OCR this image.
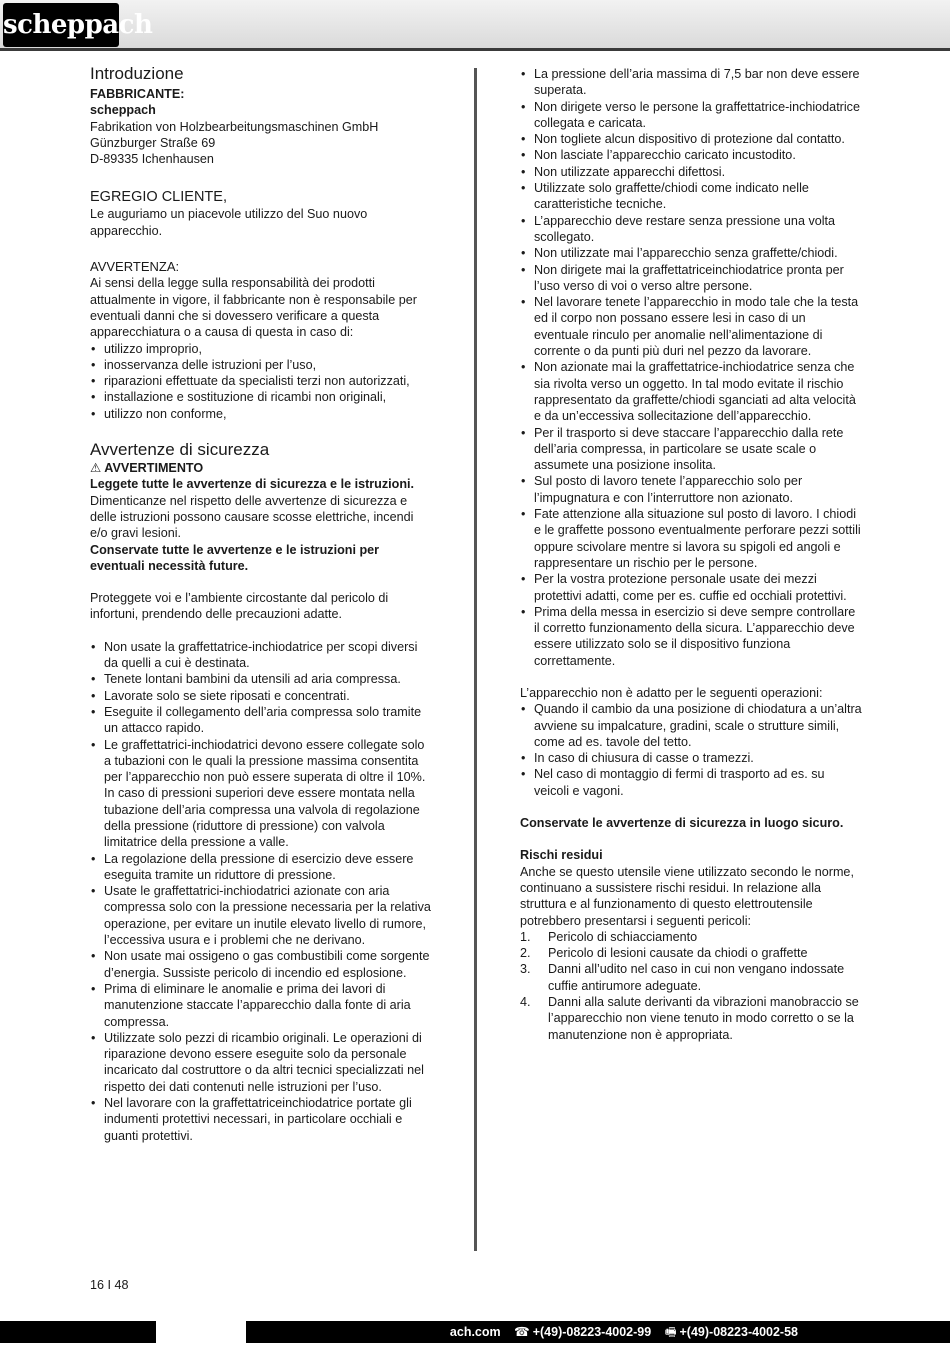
scheppach
Introduzione

FABBRICANTE:

scheppach

Fabrikation von Holzbearbeitungsmaschinen GmbH

Günzburger Straße 69

D-89335 Ichenhausen

EGREGIO CLIENTE,

Le auguriamo un piacevole utilizzo del Suo nuovo apparecchio.

AVVERTENZA:

Ai sensi della legge sulla responsabilità dei prodotti attualmente in vigore, il fabbricante non è responsabile per eventuali danni che si dovessero verificare a questa apparecchiatura o a causa di questa in caso di:

• utilizzo improprio,
• inosservanza delle istruzioni per l’uso,
• riparazioni effettuate da specialisti terzi non autorizzati,
• installazione e sostituzione di ricambi non originali,
• utilizzo non conforme,
Avvertenze di sicurezza

⚠ AVVERTIMENTO

Leggete tutte le avvertenze di sicurezza e le istruzioni. Dimenticanze nel rispetto delle avvertenze di sicurezza e delle istruzioni possono causare scosse elettriche, incendi e/o gravi lesioni.

Conservate tutte le avvertenze e le istruzioni per eventuali necessità future.

Proteggete voi e l’ambiente circostante dal pericolo di infortuni, prendendo delle precauzioni adatte.

• Non usate la graffettatrice-inchiodatrice per scopi diversi da quelli a cui è destinata.
• Tenete lontani bambini da utensili ad aria compressa.
• Lavorate solo se siete riposati e concentrati.
• Eseguite il collegamento dell’aria compressa solo tramite un attacco rapido.
• Le graffettatrici-inchiodatrici devono essere collegate solo a tubazioni con le quali la pressione massima consentita per l’apparecchio non può essere superata di oltre il 10%. In caso di pressioni superiori deve essere montata nella tubazione dell’aria compressa una valvola di regolazione della pressione (riduttore di pressione) con valvola limitatrice della pressione a valle.
• La regolazione della pressione di esercizio deve essere eseguita tramite un riduttore di pressione.
• Usate le graffettatrici-inchiodatrici azionate con aria compressa solo con la pressione necessaria per la relativa operazione, per evitare un inutile elevato livello di rumore, l’eccessiva usura e i problemi che ne derivano.
• Non usate mai ossigeno o gas combustibili come sorgente d’energia. Sussiste pericolo di incendio ed esplosione.
• Prima di eliminare le anomalie e prima dei lavori di manutenzione staccate l’apparecchio dalla fonte di aria compressa.
• Utilizzate solo pezzi di ricambio originali. Le operazioni di riparazione devono essere eseguite solo da personale incaricato dal costruttore o da altri tecnici specializzati nel rispetto dei dati contenuti nelle istruzioni per l’uso.
• Nel lavorare con la graffettatriceinchiodatrice portate gli indumenti protettivi necessari, in particolare occhiali e guanti protettivi.
• La pressione dell’aria massima di 7,5 bar non deve essere superata.
• Non dirigete verso le persone la graffettatrice-inchiodatrice collegata e caricata.
• Non togliete alcun dispositivo di protezione dal contatto.
• Non lasciate l’apparecchio caricato incustodito.
• Non utilizzate apparecchi difettosi.
• Utilizzate solo graffette/chiodi come indicato nelle caratteristiche tecniche.
• L’apparecchio deve restare senza pressione una volta scollegato.
• Non utilizzate mai l’apparecchio senza graffette/chiodi.
• Non dirigete mai la graffettatriceinchiodatrice pronta per l’uso verso di voi o verso altre persone.
• Nel lavorare tenete l’apparecchio in modo tale che la testa ed il corpo non possano essere lesi in caso di un eventuale rinculo per anomalie nell’alimentazione di corrente o da punti più duri nel pezzo da lavorare.
• Non azionate mai la graffettatrice-inchiodatrice senza che sia rivolta verso un oggetto. In tal modo evitate il rischio rappresentato da graffette/chiodi sganciati ad alta velocità e da un’eccessiva sollecitazione dell’apparecchio.
• Per il trasporto si deve staccare l’apparecchio dalla rete dell’aria compressa, in particolare se usate scale o assumete una posizione insolita.
• Sul posto di lavoro tenete l’apparecchio solo per l’impugnatura e con l’interruttore non azionato.
• Fate attenzione alla situazione sul posto di lavoro. I chiodi e le graffette possono eventualmente perforare pezzi sottili oppure scivolare mentre si lavora su spigoli ed angoli e rappresentare un rischio per le persone.
• Per la vostra protezione personale usate dei mezzi protettivi adatti, come per es. cuffie ed occhiali protettivi.
• Prima della messa in esercizio si deve sempre controllare il corretto funzionamento della sicura. L’apparecchio deve essere utilizzato solo se il dispositivo funziona correttamente.

L’apparecchio non è adatto per le seguenti operazioni:

• Quando il cambio da una posizione di chiodatura a un’altra avviene su impalcature, gradini, scale o strutture simili, come ad es. tavole del tetto.
• In caso di chiusura di casse o tramezzi.
• Nel caso di montaggio di fermi di trasporto ad es. su veicoli e vagoni.

Conservate le avvertenze di sicurezza in luogo sicuro.

Rischi residui

Anche se questo utensile viene utilizzato secondo le norme, continuano a sussistere rischi residui. In relazione alla struttura e al funzionamento di questo elettroutensile potrebbero presentarsi i seguenti pericoli:

1. Pericolo di schiacciamento
2. Pericolo di lesioni causate da chiodi o graffette
3. Danni all’udito nel caso in cui non vengano indossate cuffie antirumore adeguate.
4. Danni alla salute derivanti da vibrazioni manobraccio se l’apparecchio non viene tenuto in modo corretto o se la manutenzione non è appropriata.
16 I 48
ach.com ☎ +(49)-08223-4002-99 🖷 +(49)-08223-4002-58
